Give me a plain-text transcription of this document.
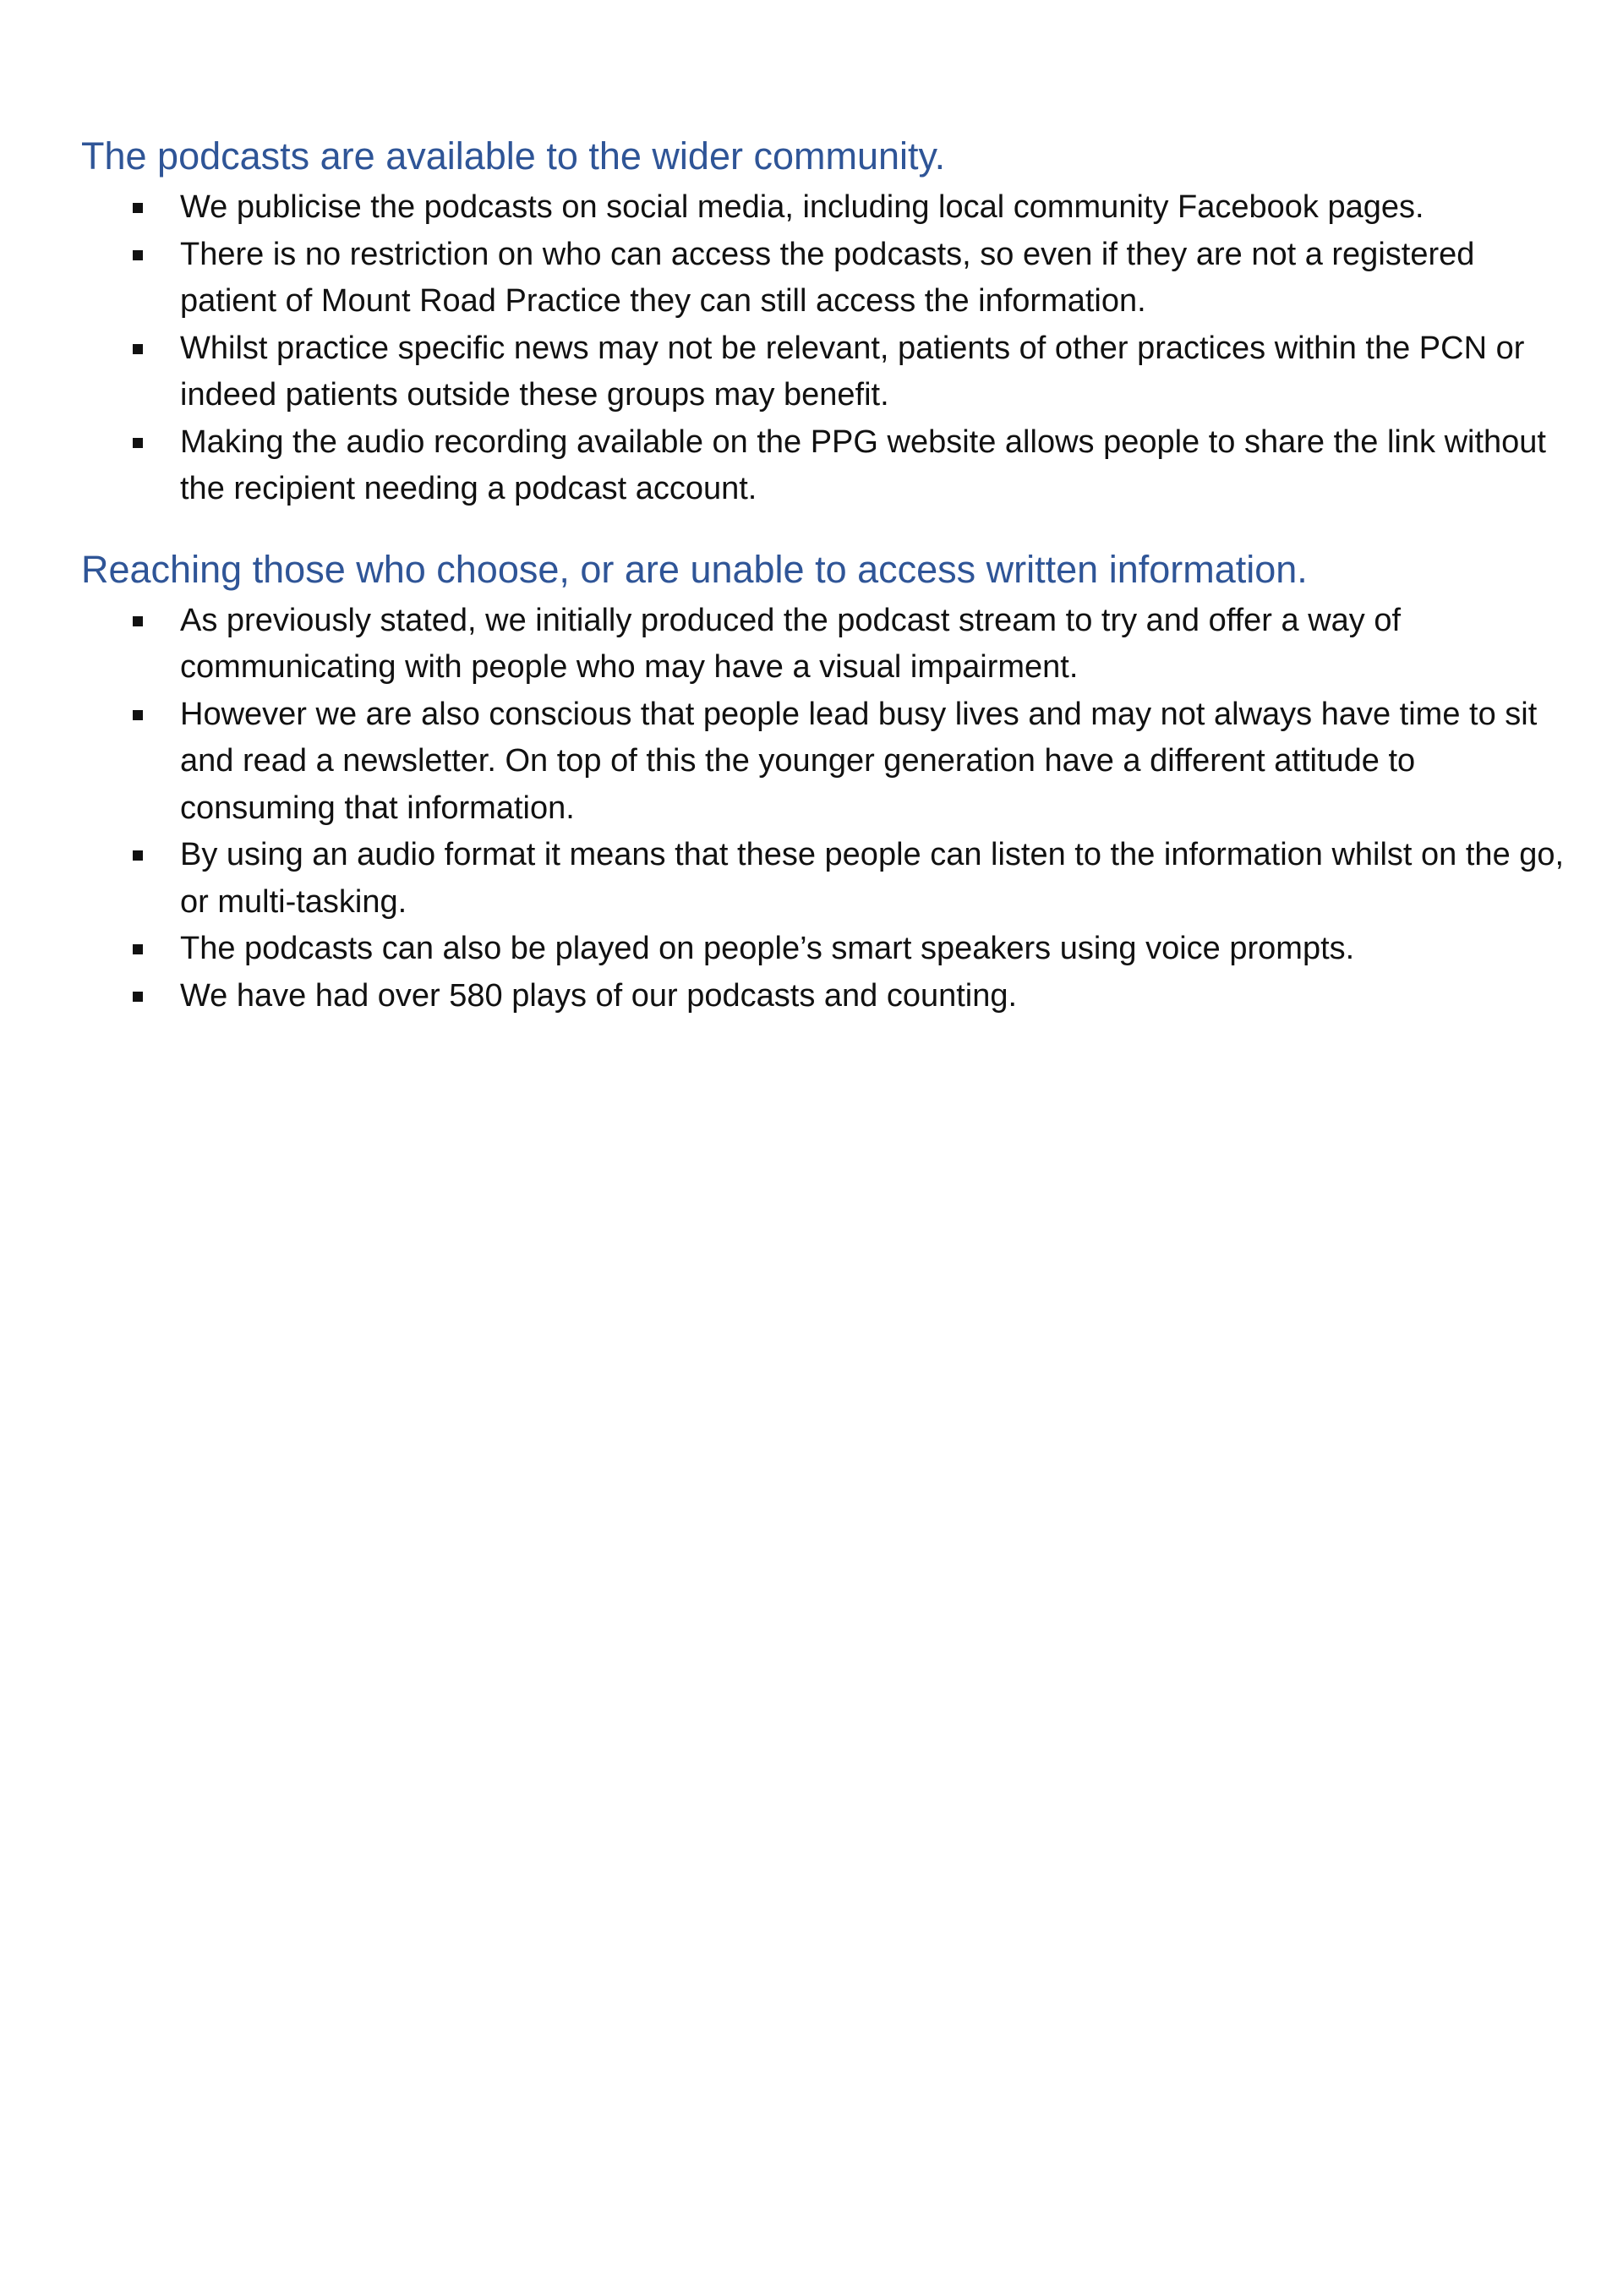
The podcasts are available to the wider community.
We publicise the podcasts on social media, including local community Facebook pages.
There is no restriction on who can access the podcasts, so even if they are not a registered patient of Mount Road Practice they can still access the information.
Whilst practice specific news may not be relevant, patients of other practices within the PCN or indeed patients outside these groups may benefit.
Making the audio recording available on the PPG website allows people to share the link without the recipient needing a podcast account.
Reaching those who choose, or are unable to access written information.
As previously stated, we initially produced the podcast stream to try and offer a way of communicating with people who may have a visual impairment.
However we are also conscious that people lead busy lives and may not always have time to sit and read a newsletter. On top of this the younger generation have a different attitude to consuming that information.
By using an audio format it means that these people can listen to the information whilst on the go, or multi-tasking.
The podcasts can also be played on people’s smart speakers using voice prompts.
We have had over 580 plays of our podcasts and counting.
